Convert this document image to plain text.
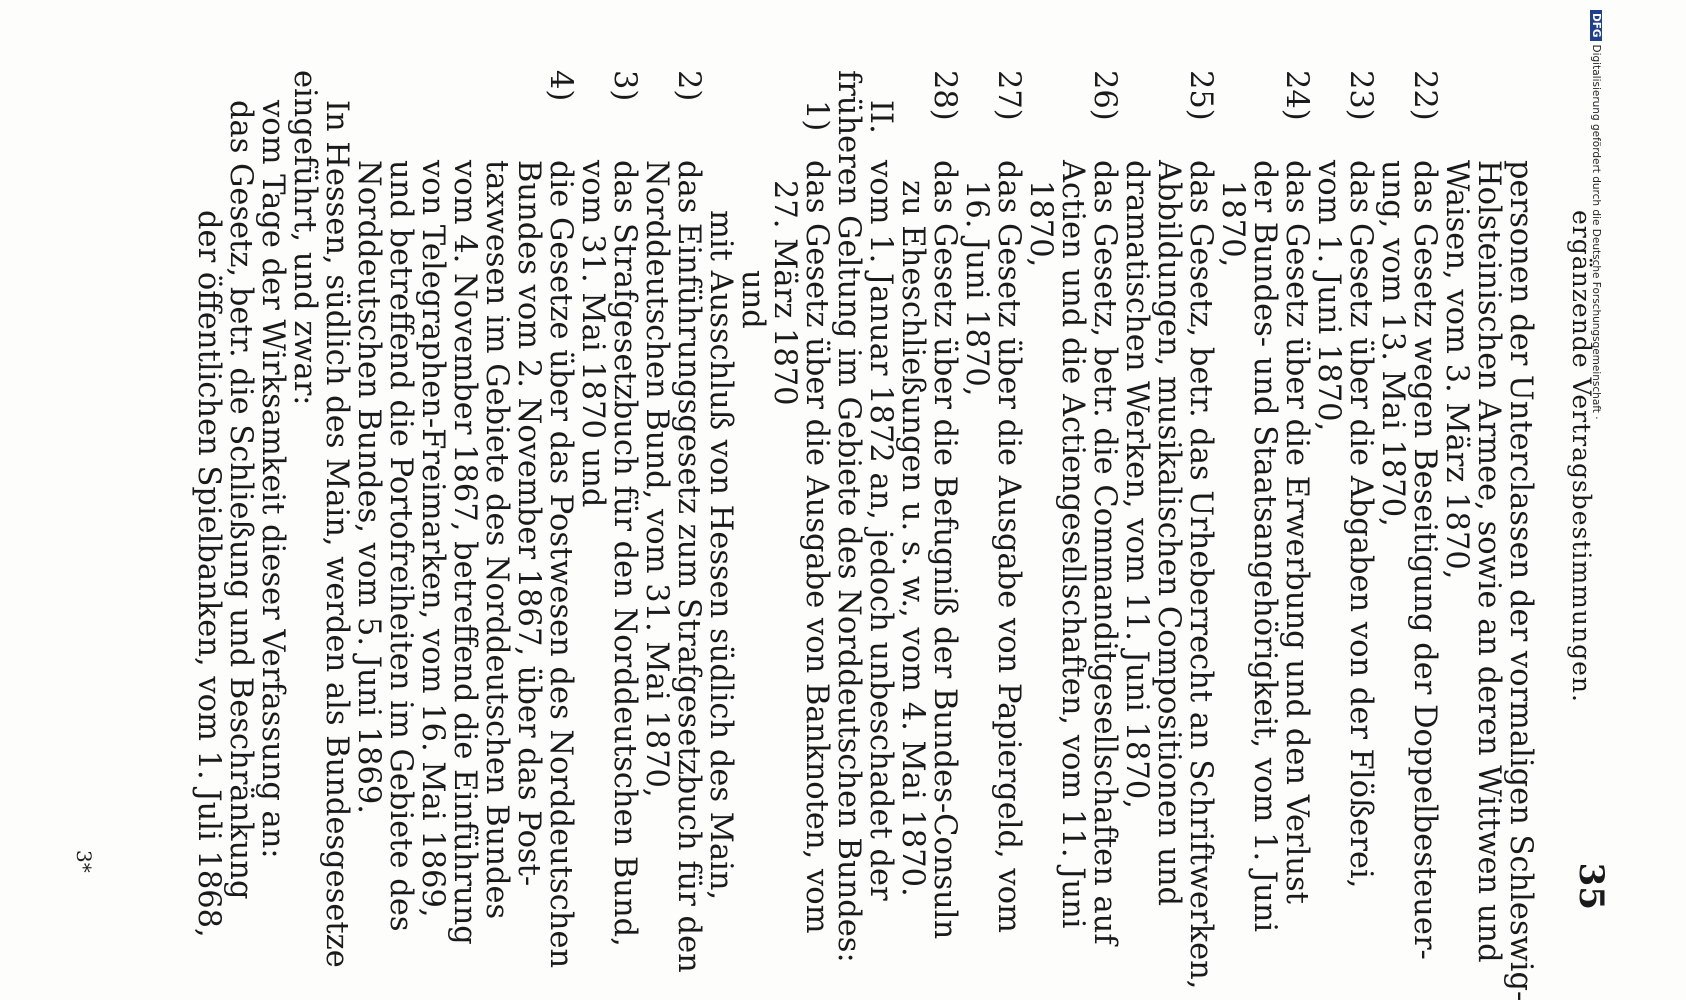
ergänzende Vertragsbestimmungen.
35
personen der Unterclassen der vormaligen Schleswig-
Holsteinischen Armee, sowie an deren Wittwen und
Waisen, vom 3. März 1870,
22)
das Gesetz wegen Beseitigung der Doppelbesteuer-
ung, vom 13. Mai 1870,
23)
das Gesetz über die Abgaben von der Flößerei,
vom 1. Juni 1870,
24)
das Gesetz über die Erwerbung und den Verlust
der Bundes- und Staatsangehörigkeit, vom 1. Juni
1870,
25)
das Gesetz, betr. das Urheberrecht an Schriftwerken,
Abbildungen, musikalischen Compositionen und
dramatischen Werken, vom 11. Juni 1870,
26)
das Gesetz, betr. die Commanditgesellschaften auf
Actien und die Actiengesellschaften, vom 11. Juni
1870,
27)
das Gesetz über die Ausgabe von Papiergeld, vom
16. Juni 1870,
28)
das Gesetz über die Befugniß der Bundes-Consuln
zu Eheschließungen u. s. w., vom 4. Mai 1870.
II.
vom 1. Januar 1872 an, jedoch unbeschadet der
früheren Geltung im Gebiete des Norddeutschen Bundes:
1)
das Gesetz über die Ausgabe von Banknoten, vom
27. März 1870
und
mit Ausschluß von Hessen südlich des Main,
2)
das Einführungsgesetz zum Strafgesetzbuch für den
Norddeutschen Bund, vom 31. Mai 1870,
3)
das Strafgesetzbuch für den Norddeutschen Bund,
vom 31. Mai 1870 und
4)
die Gesetze über das Postwesen des Norddeutschen
Bundes vom 2. November 1867, über das Post-
taxwesen im Gebiete des Norddeutschen Bundes
vom 4. November 1867, betreffend die Einführung
von Telegraphen-Freimarken, vom 16. Mai 1869,
und betreffend die Portofreiheiten im Gebiete des
Norddeutschen Bundes, vom 5. Juni 1869.
In Hessen, südlich des Main, werden als Bundesgesetze
eingeführt, und zwar:
vom Tage der Wirksamkeit dieser Verfassung an:
das Gesetz, betr. die Schließung und Beschränkung
der öffentlichen Spielbanken, vom 1. Juli 1868,
3*
DFGDigitalisierung gefördert durch die Deutsche Forschungsgemeinschaft ·
